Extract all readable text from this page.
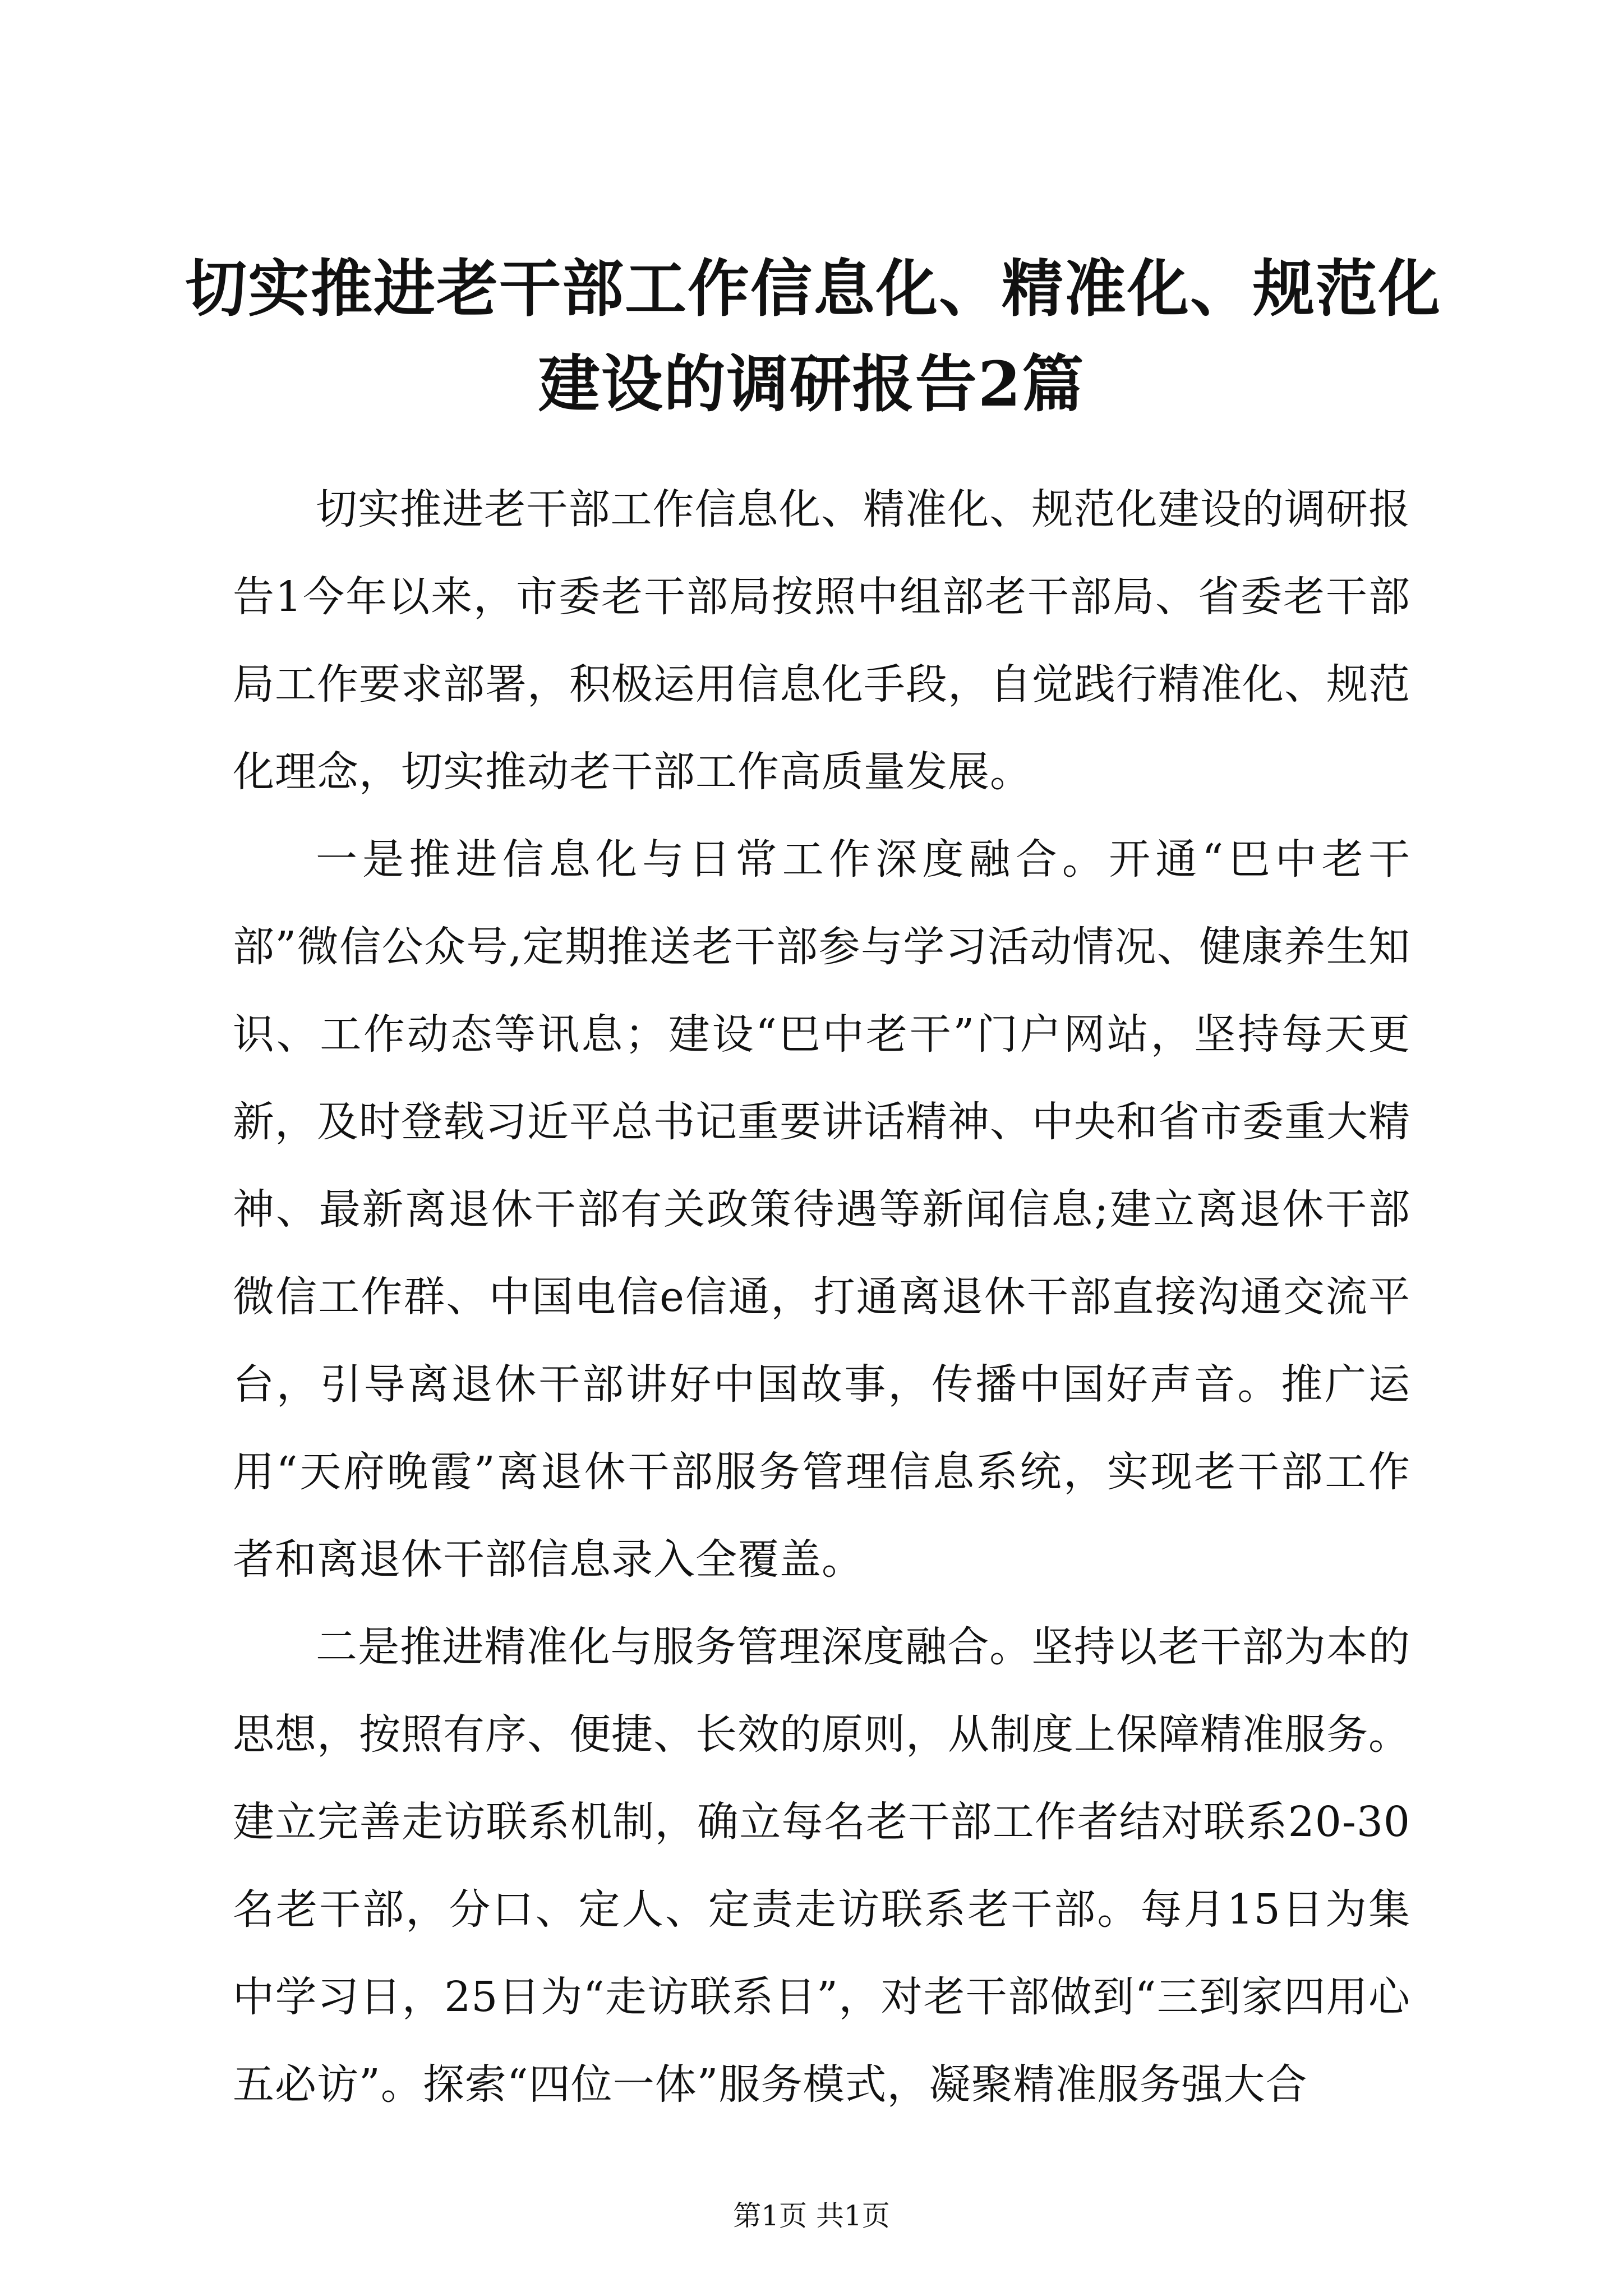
切实推进老干部工作信息化、精准化、规范化
建设的调研报告2篇

切实推进老干部工作信息化、精准化、规范化建设的调研报告1今年以来，市委老干部局按照中组部老干部局、省委老干部局工作要求部署，积极运用信息化手段，自觉践行精准化、规范化理念，切实推动老干部工作高质量发展。

一是推进信息化与日常工作深度融合。开通“巴中老干部”微信公众号,定期推送老干部参与学习活动情况、健康养生知识、工作动态等讯息；建设“巴中老干”门户网站，坚持每天更新，及时登载习近平总书记重要讲话精神、中央和省市委重大精神、最新离退休干部有关政策待遇等新闻信息;建立离退休干部微信工作群、中国电信e信通，打通离退休干部直接沟通交流平台，引导离退休干部讲好中国故事，传播中国好声音。推广运用“天府晚霞”离退休干部服务管理信息系统，实现老干部工作者和离退休干部信息录入全覆盖。

二是推进精准化与服务管理深度融合。坚持以老干部为本的思想，按照有序、便捷、长效的原则，从制度上保障精准服务。建立完善走访联系机制，确立每名老干部工作者结对联系20-30名老干部，分口、定人、定责走访联系老干部。每月15日为集中学习日，25日为“走访联系日”，对老干部做到“三到家四用心五必访”。探索“四位一体”服务模式，凝聚精准服务强大合

第1页 共1页
